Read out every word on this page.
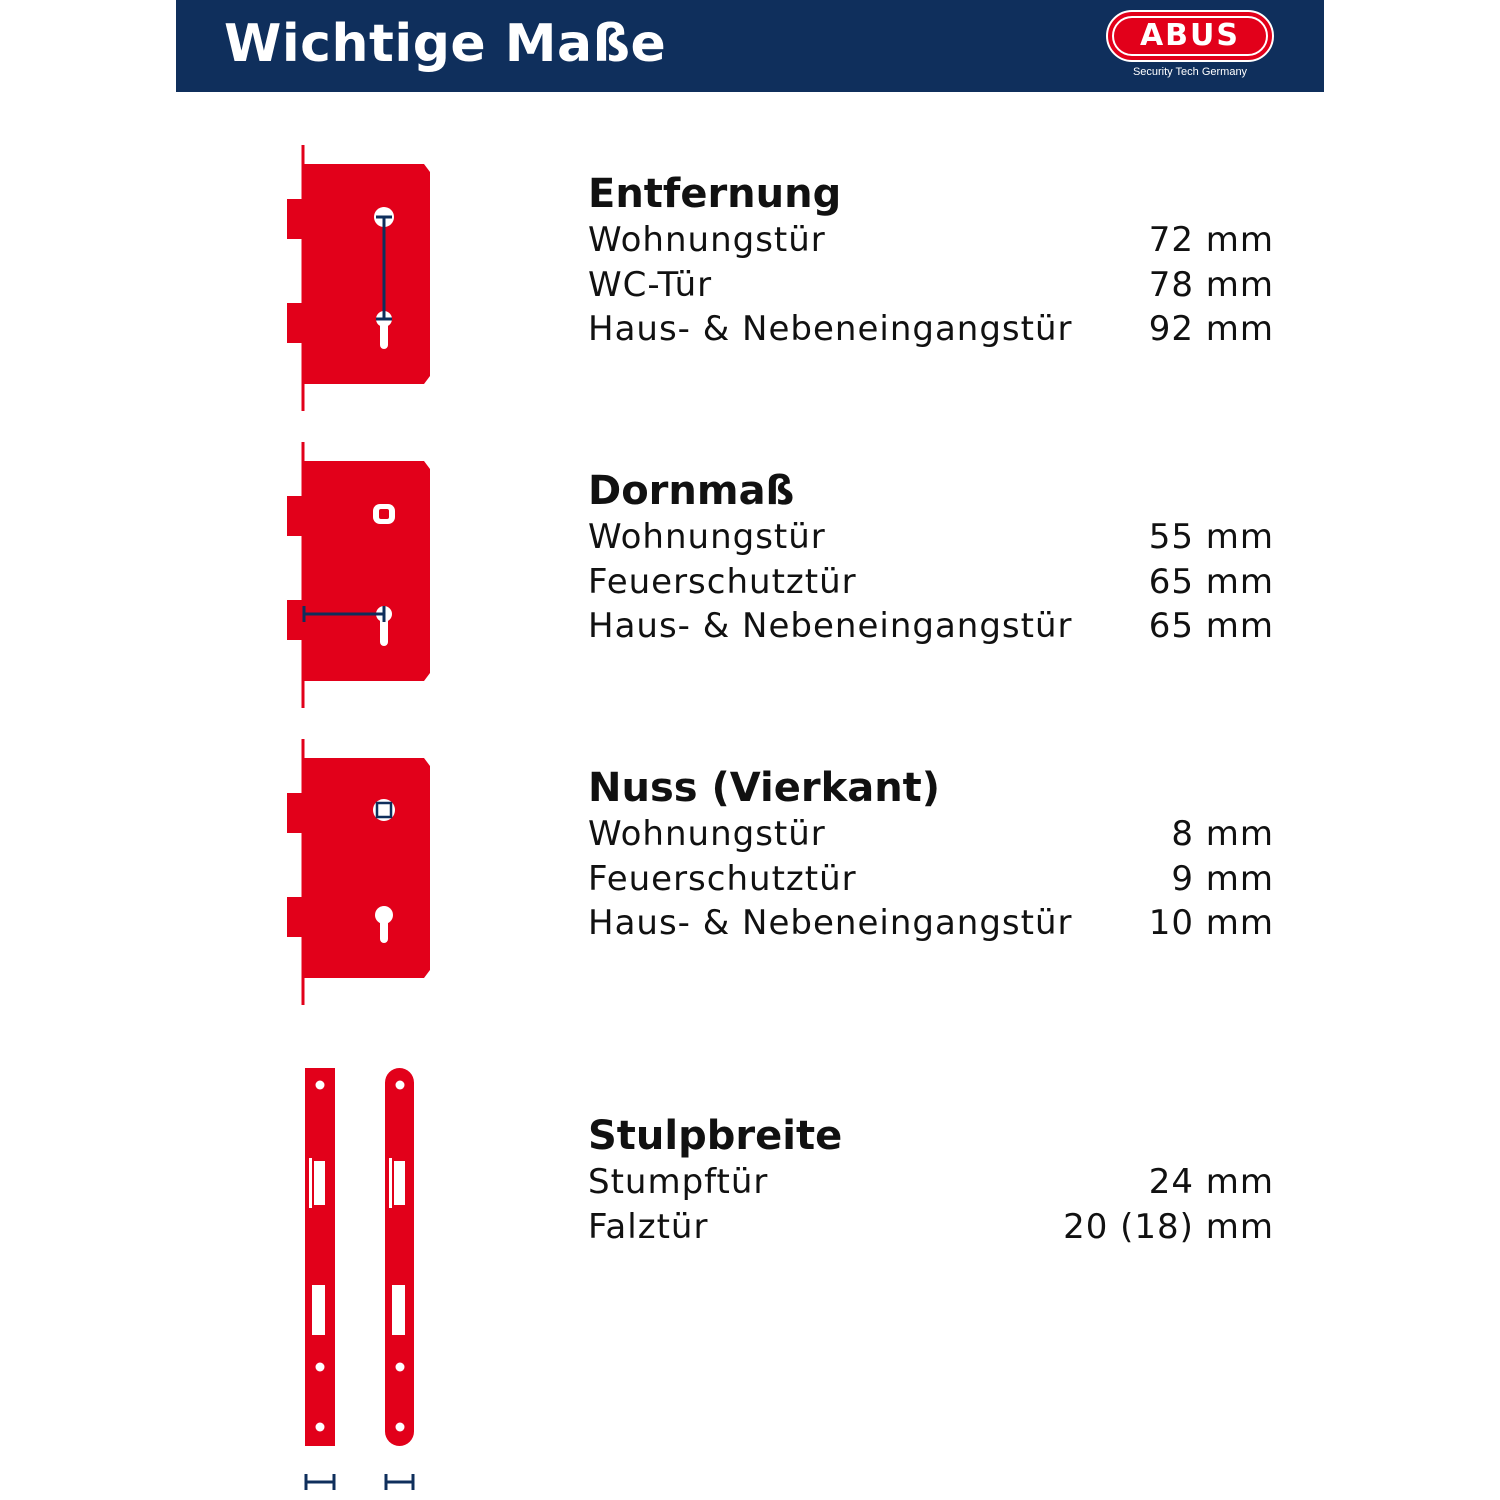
Wichtige Maße	ABUS
Security Tech Germany
Entfernung
Wohnungstür	72 mm
WC-Tür	78 mm
Haus- & Nebeneingangstür 92 mm
Dornmaß
Wohnungstür	55 mm
Feuerschutztür	65 mm
Haus- & Nebeneingangstür 65 mm
Nuss (Vierkant)
Wohnungstür	8 mm
Feuerschutztür	9 mm
Haus- & Nebeneingangstür 10 mm
Stulpbreite
Stumpftür	24 mm
Falztür	20 (18) mm
